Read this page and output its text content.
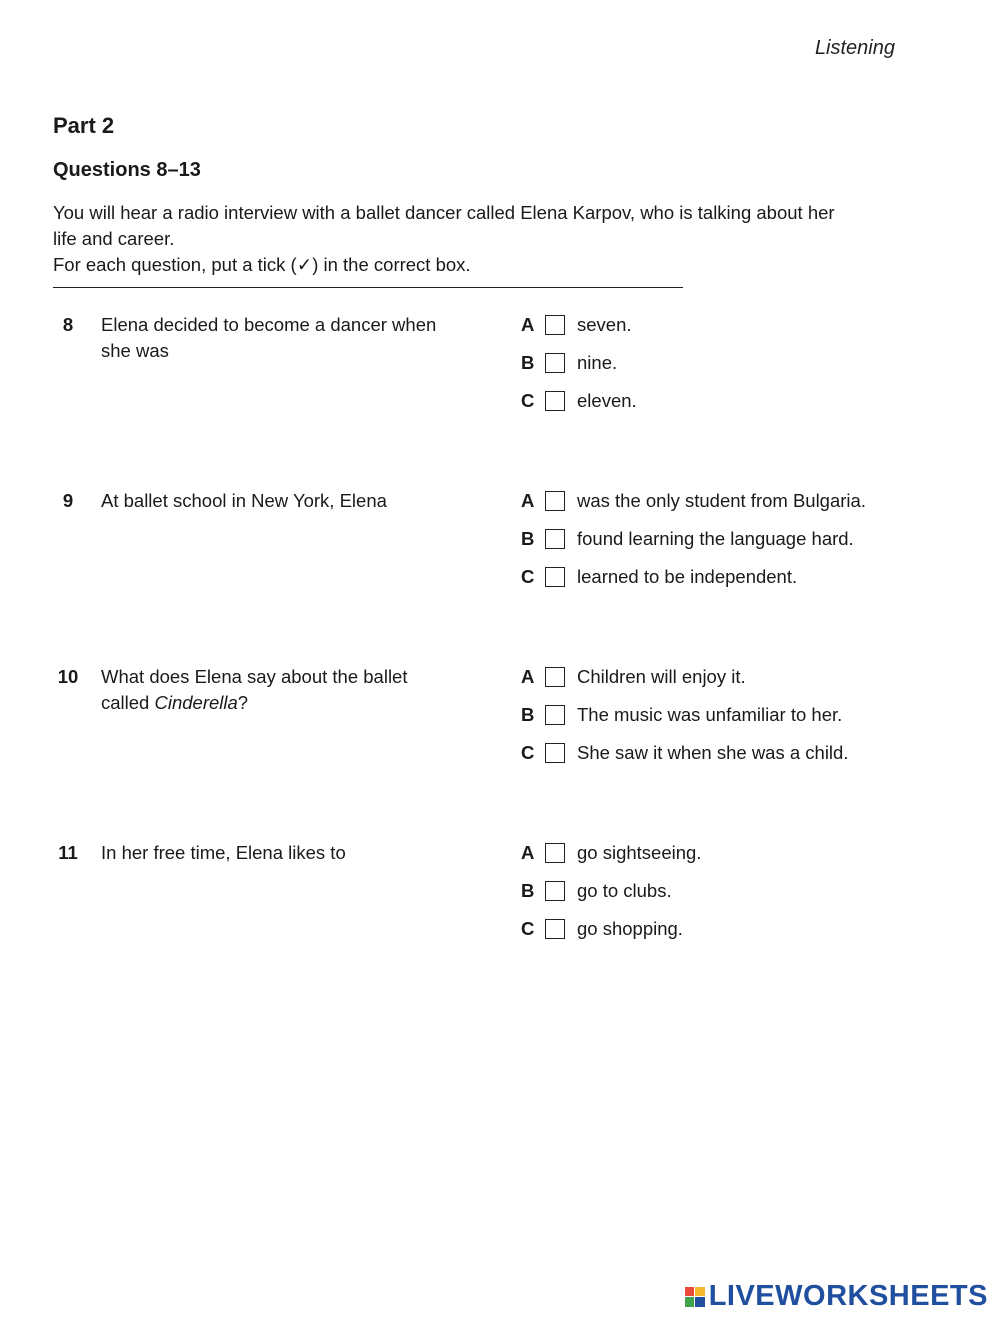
Listening
Part 2
Questions 8–13
You will hear a radio interview with a ballet dancer called Elena Karpov, who is talking about her
life and career.
For each question, put a tick (✓) in the correct box.
8	Elena decided to become a dancer when
she was
A seven.
B nine.
C eleven.
9	At ballet school in New York, Elena	A was the only student from Bulgaria.
B found learning the language hard.
C learned to be independent.
10 What does Elena say about the ballet
called Cinderella?
A Children will enjoy it.
B The music was unfamiliar to her.
C She saw it when she was a child.
11 In her free time, Elena likes to	A go sightseeing.
B go to clubs.
C go shopping.
LIVEWORKSHEETS
